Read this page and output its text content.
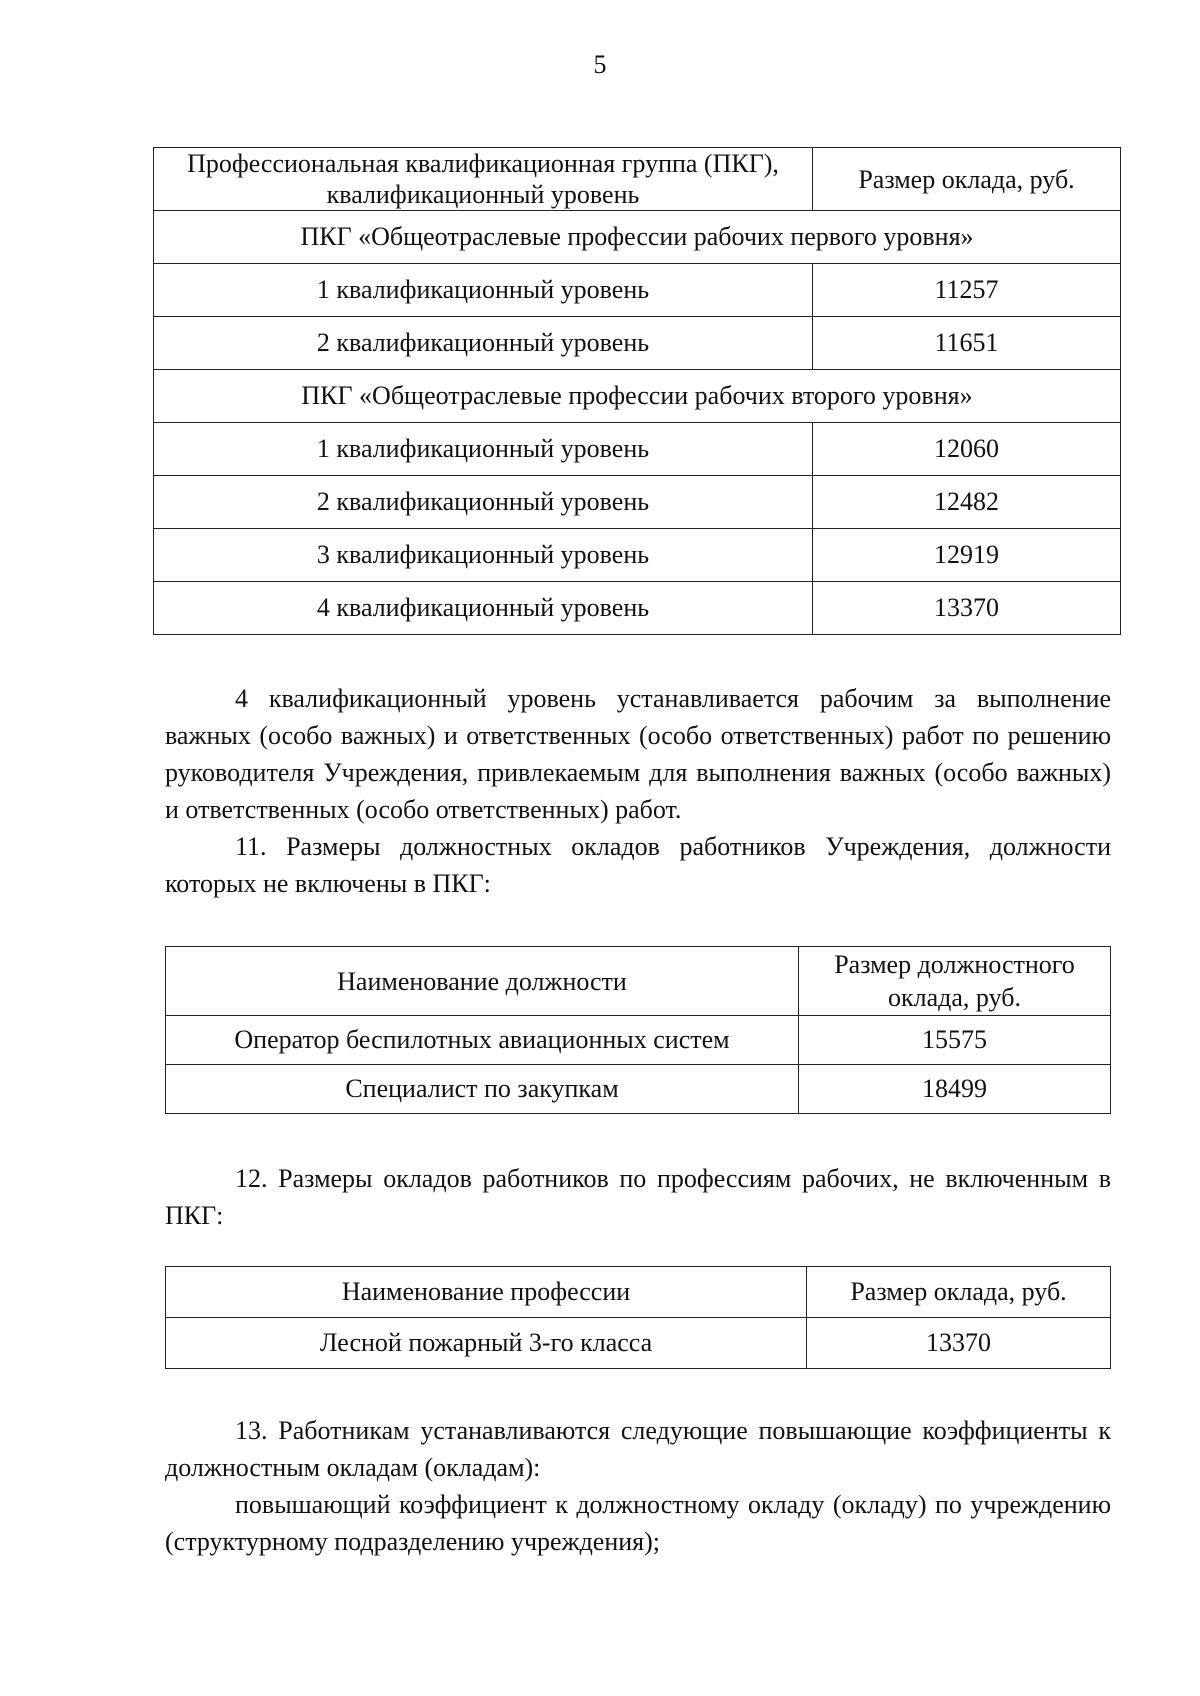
5
Профессиональная квалификационная группа (ПКГ), квалификационный уровень	Размер оклада, руб.
ПКГ «Общеотраслевые профессии рабочих первого уровня»	
1 квалификационный уровень	11257
2 квалификационный уровень	11651
ПКГ «Общеотраслевые профессии рабочих второго уровня»	
1 квалификационный уровень	12060
2 квалификационный уровень	12482
3 квалификационный уровень	12919
4 квалификационный уровень	13370

4 квалификационный уровень устанавливается рабочим за выполнение важных (особо важных) и ответственных (особо ответственных) работ по решению руководителя Учреждения, привлекаемым для выполнения важных (особо важных) и ответственных (особо ответственных) работ.

11. Размеры должностных окладов работников Учреждения, должности которых не включены в ПКГ:

Наименование должности	Размер должностного оклада, руб.
Оператор беспилотных авиационных систем	15575
Специалист по закупкам	18499

12. Размеры окладов работников по профессиям рабочих, не включенным в ПКГ:

Наименование профессии	Размер оклада, руб.
Лесной пожарный 3-го класса	13370

13. Работникам устанавливаются следующие повышающие коэффициенты к должностным окладам (окладам):

повышающий коэффициент к должностному окладу (окладу) по учреждению (структурному подразделению учреждения);
